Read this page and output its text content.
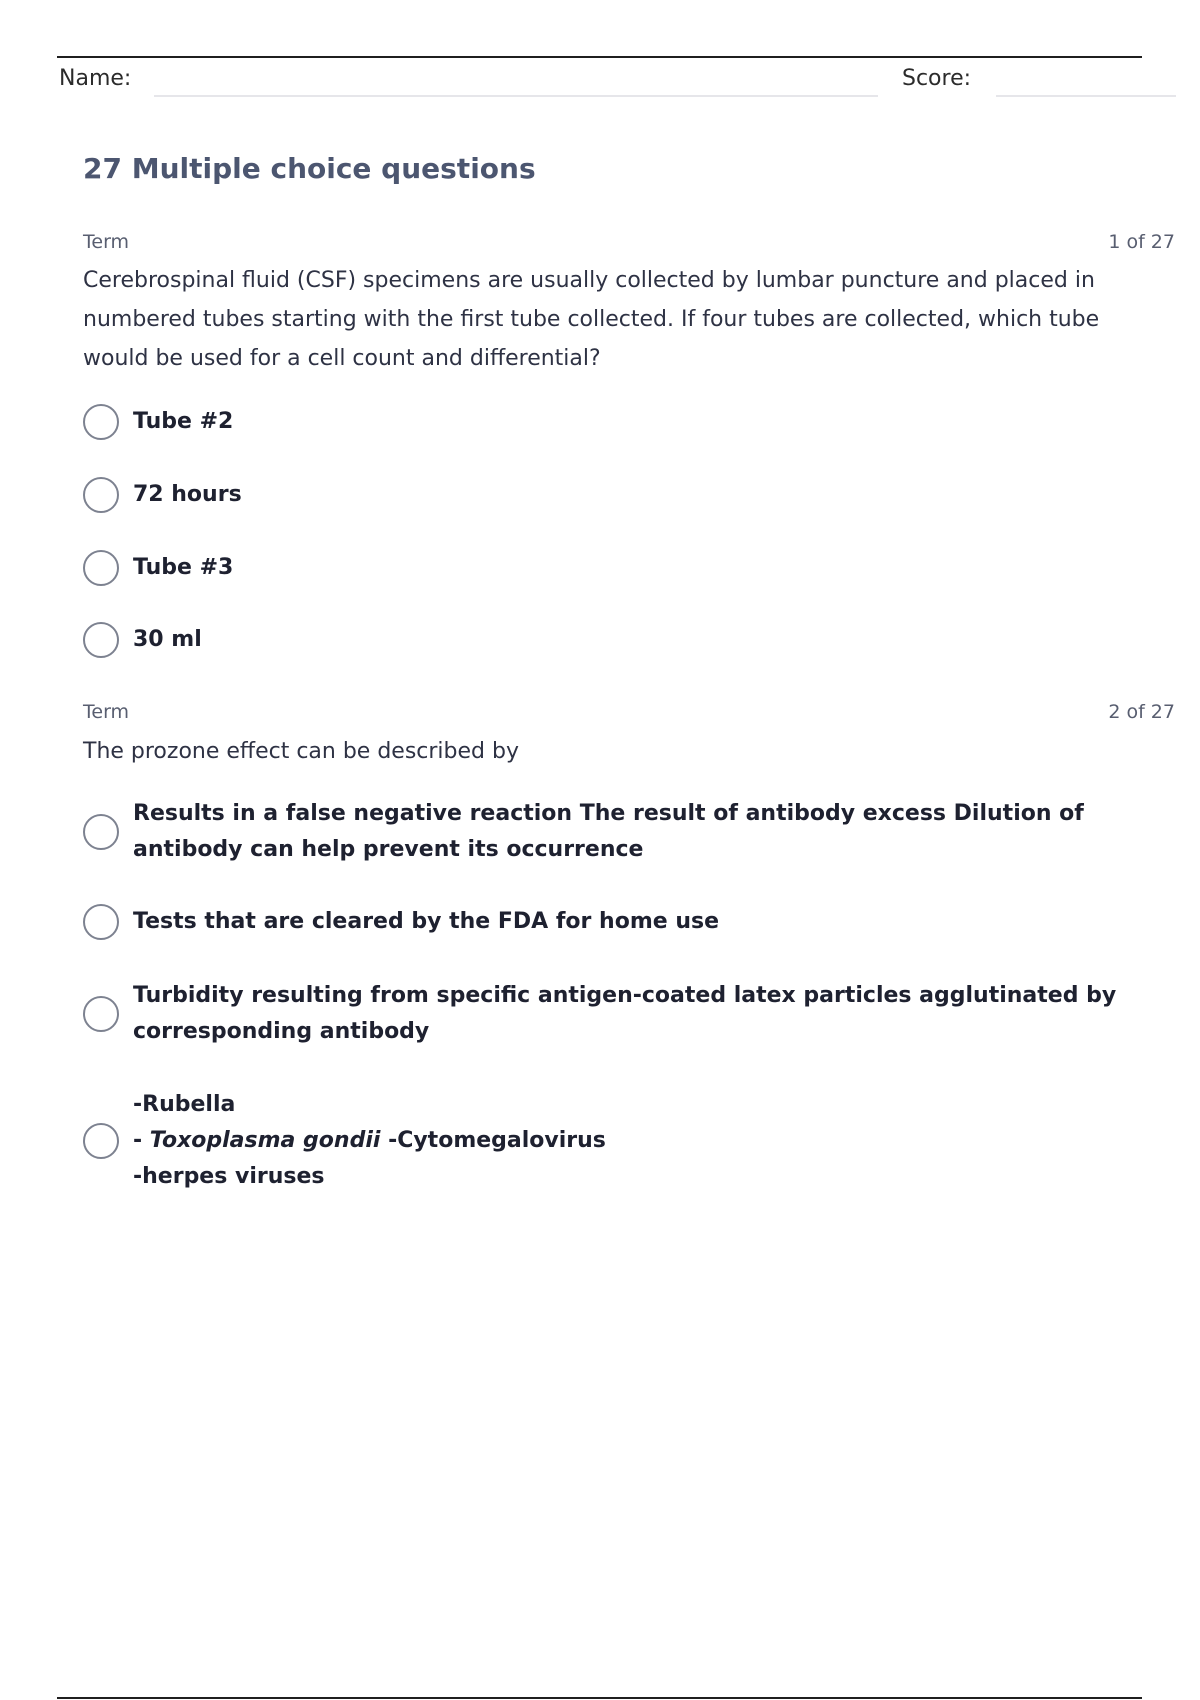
Name:	Score:
27 Multiple choice questions
Term	1 of 27

Cerebrospinal fluid (CSF) specimens are usually collected by lumbar puncture and placed in numbered tubes starting with the first tube collected. If four tubes are collected, which tube would be used for a cell count and differential?

Tube #2
72 hours
Tube #3
30 ml
Term	2 of 27

The prozone effect can be described by

Results in a false negative reaction The result of antibody excess Dilution of antibody can help prevent its occurrence
Tests that are cleared by the FDA for home use
Turbidity resulting from specific antigen-coated latex particles agglutinated by corresponding antibody
-Rubella
- Toxoplasma gondii -Cytomegalovirus
-herpes viruses
